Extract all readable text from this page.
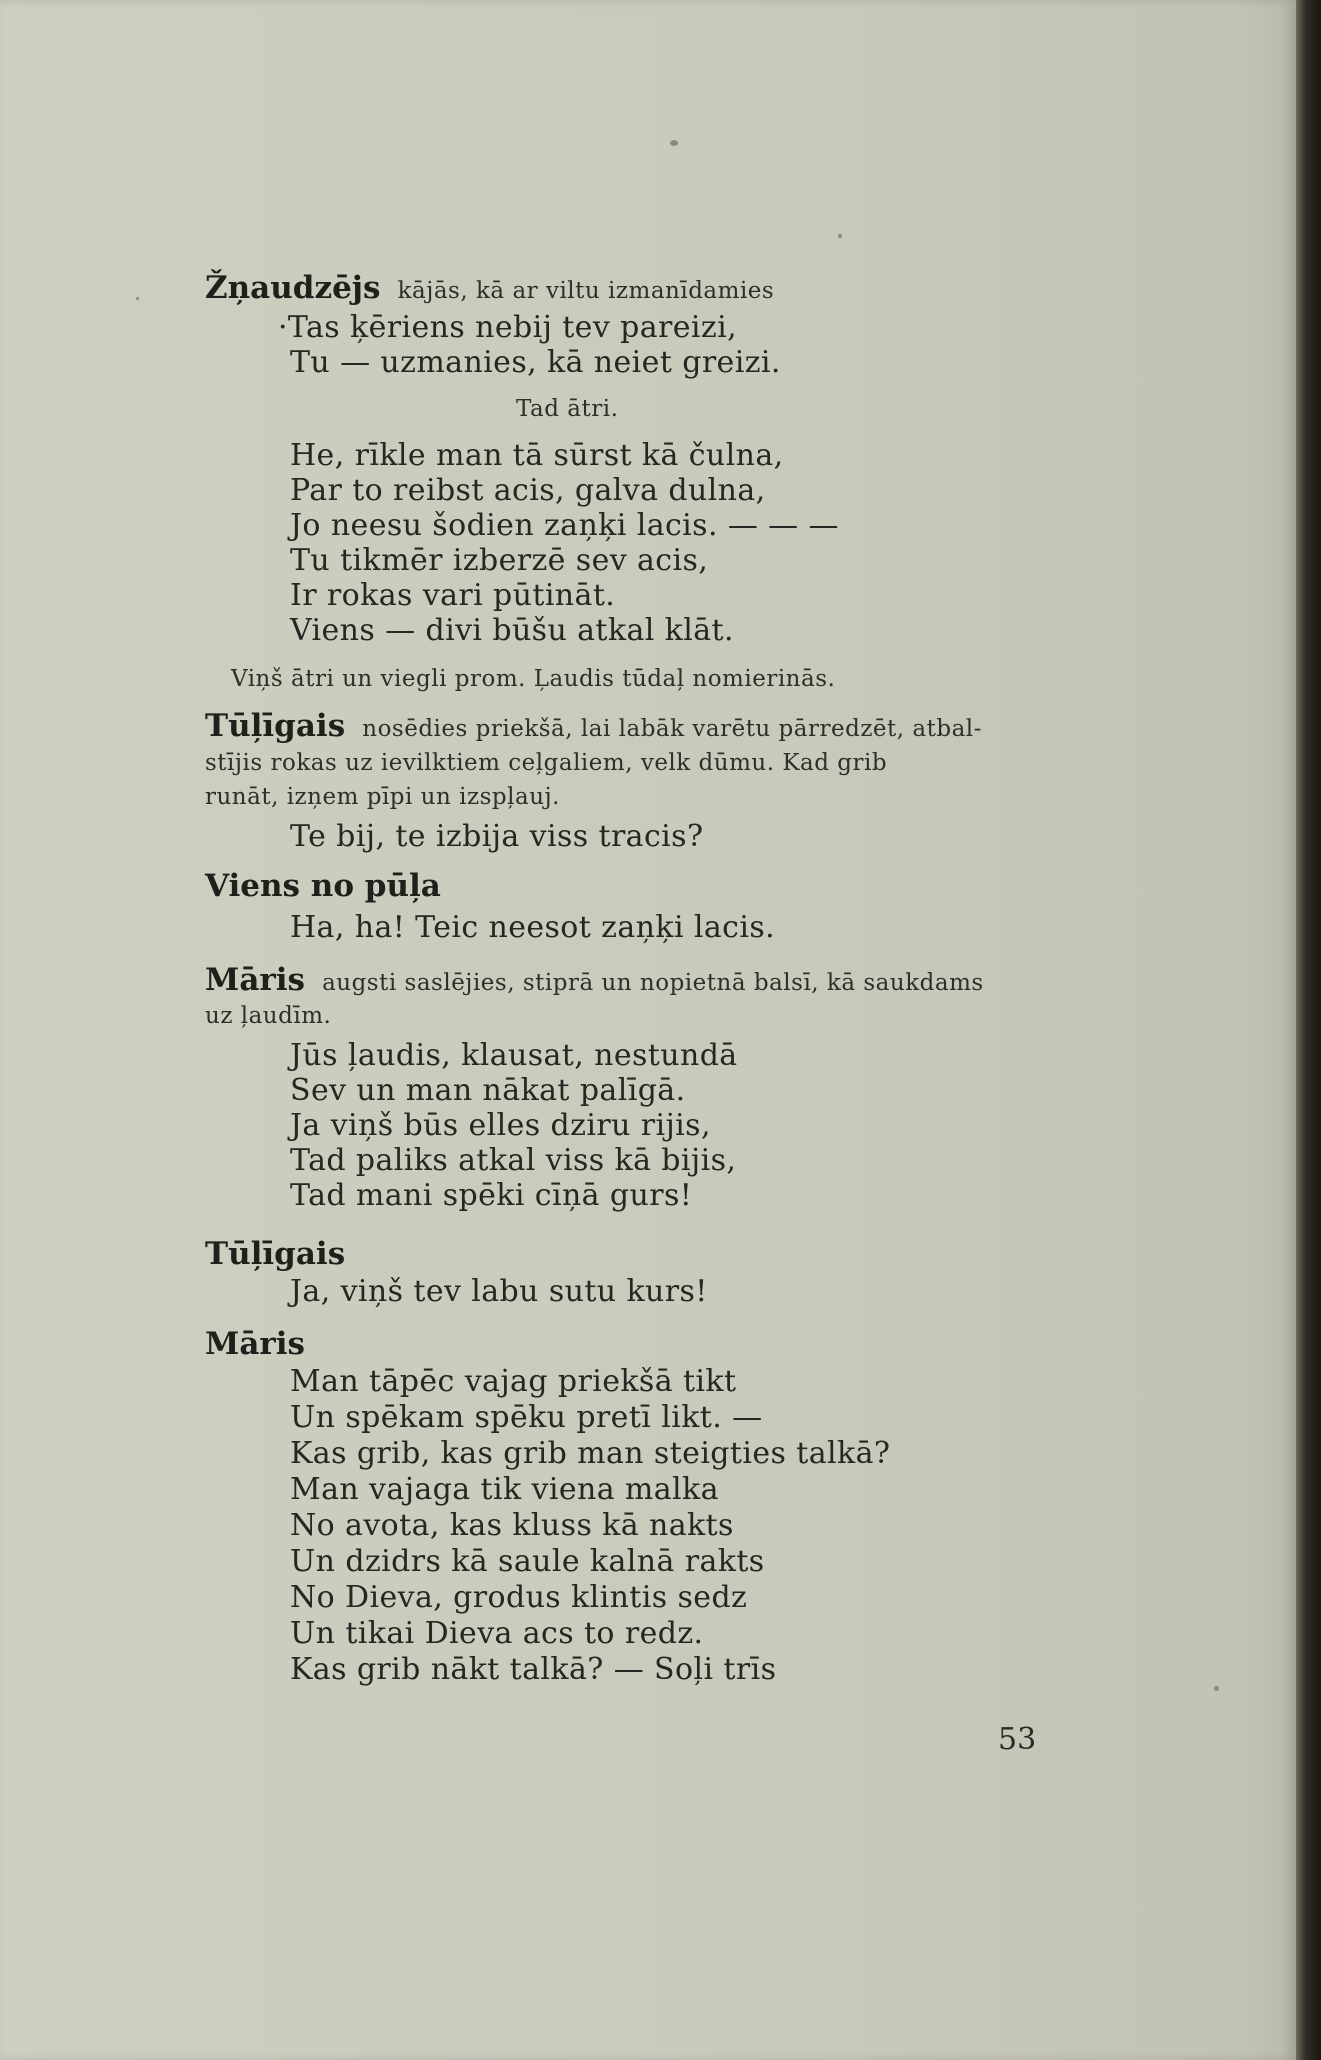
Žņaudzējs kājās, kā ar viltu izmanīdamies
·Tas ķēriens nebij tev pareizi,
Tu — uzmanies, kā neiet greizi.
Tad ātri.
He, rīkle man tā sūrst kā čulna,
Par to reibst acis, galva dulna,
Jo neesu šodien zaņķi lacis. — — —
Tu tikmēr izberzē sev acis,
Ir rokas vari pūtināt.
Viens — divi būšu atkal klāt.
Viņš ātri un viegli prom. Ļaudis tūdaļ nomierinās.
Tūļīgais nosēdies priekšā, lai labāk varētu pārredzēt, atbal-
stījis rokas uz ievilktiem ceļgaliem, velk dūmu. Kad grib
runāt, izņem pīpi un izspļauj.
Te bij, te izbija viss tracis?
Viens no pūļa
Ha, ha! Teic neesot zaņķi lacis.
Māris augsti saslējies, stiprā un nopietnā balsī, kā saukdams
uz ļaudīm.
Jūs ļaudis, klausat, nestundā
Sev un man nākat palīgā.
Ja viņš būs elles dziru rijis,
Tad paliks atkal viss kā bijis,
Tad mani spēki cīņā gurs!
Tūļīgais
Ja, viņš tev labu sutu kurs!
Māris
Man tāpēc vajag priekšā tikt
Un spēkam spēku pretī likt. —
Kas grib, kas grib man steigties talkā?
Man vajaga tik viena malka
No avota, kas kluss kā nakts
Un dzidrs kā saule kalnā rakts
No Dieva, grodus klintis sedz
Un tikai Dieva acs to redz.
Kas grib nākt talkā? — Soļi trīs
53
